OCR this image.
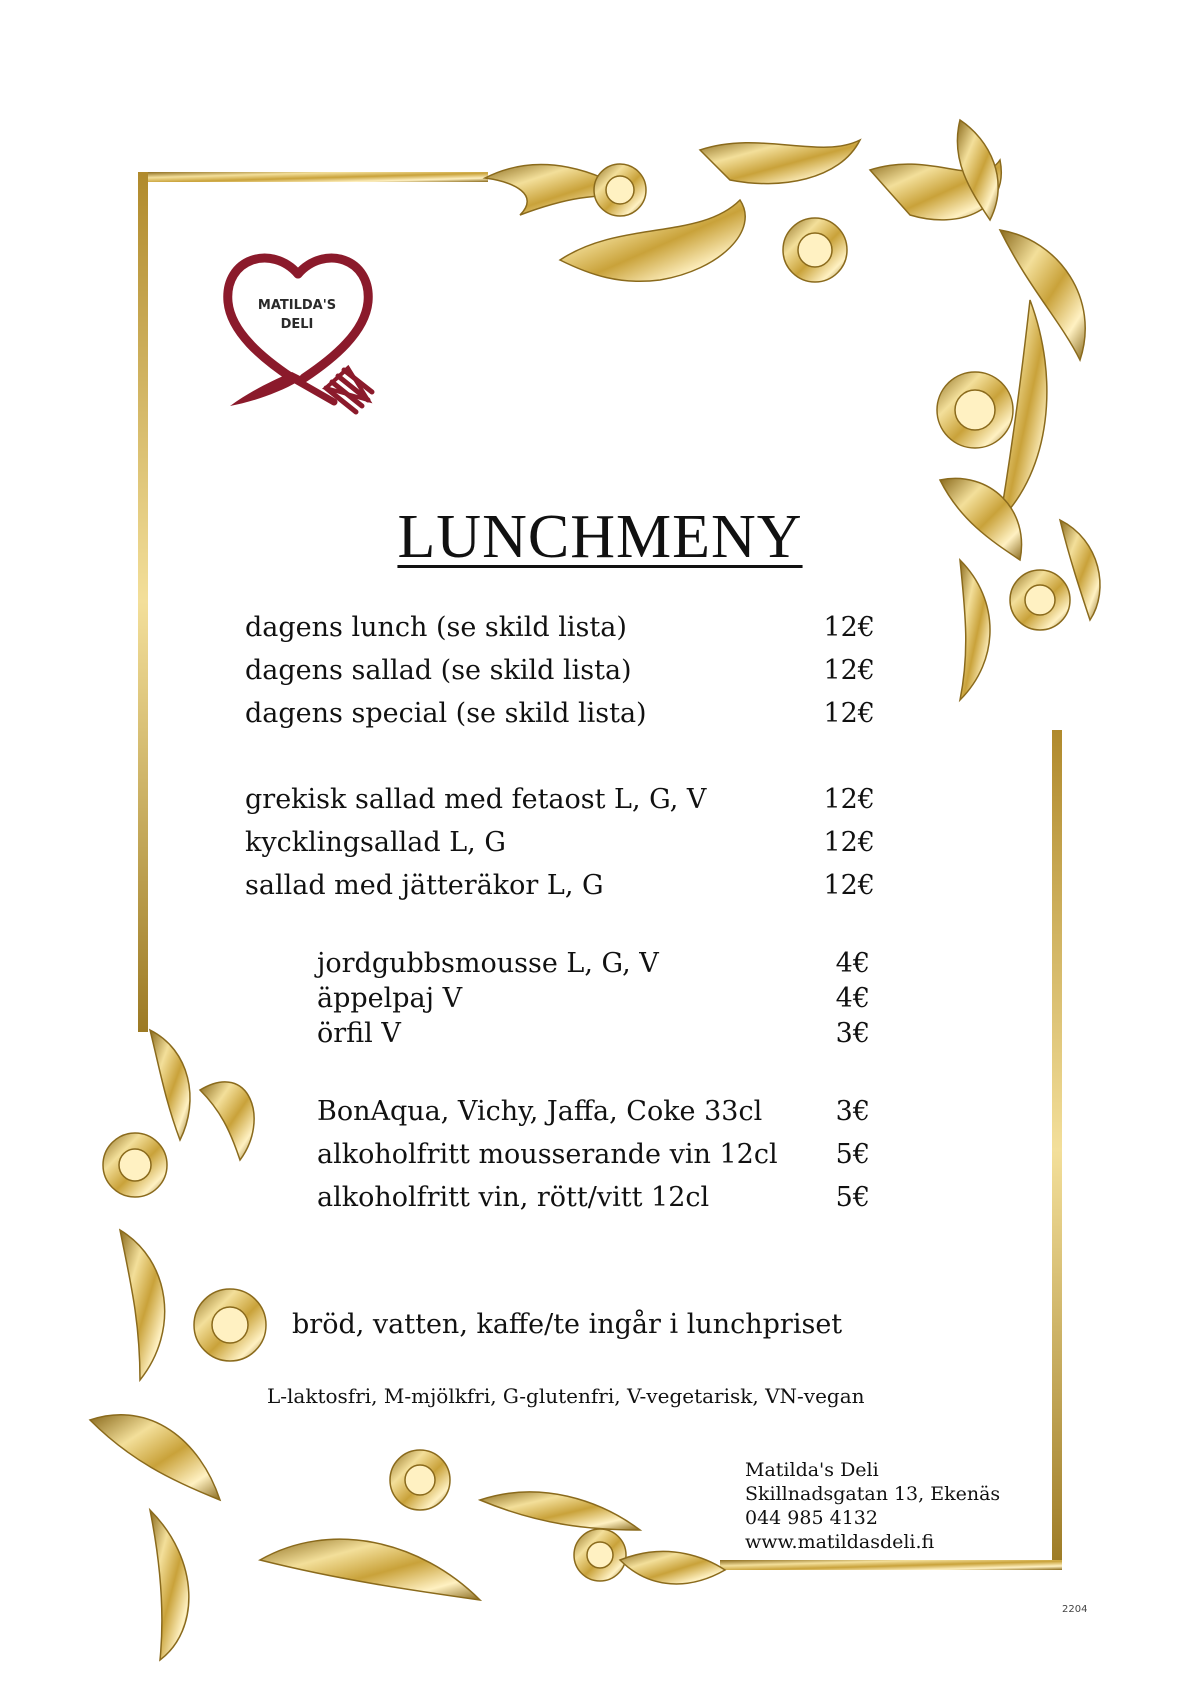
MATILDA'S
DELI
LUNCHMENY
dagens lunch (se skild lista)	12€
dagens sallad (se skild lista)	12€
dagens special (se skild lista)	12€
grekisk sallad med fetaost L, G, V	12€
kycklingsallad L, G	12€
sallad med jätteräkor L, G	12€
jordgubbsmousse L, G, V	4€
äppelpaj V	4€
örfil V	3€
BonAqua, Vichy, Jaffa, Coke 33cl	3€
alkoholfritt mousserande vin 12cl	5€
alkoholfritt vin, rött/vitt 12cl	5€
bröd, vatten, kaffe/te ingår i lunchpriset
L-laktosfri, M-mjölkfri, G-glutenfri, V-vegetarisk, VN-vegan
Matilda's Deli
Skillnadsgatan 13, Ekenäs
044 985 4132
www.matildasdeli.fi
2204
